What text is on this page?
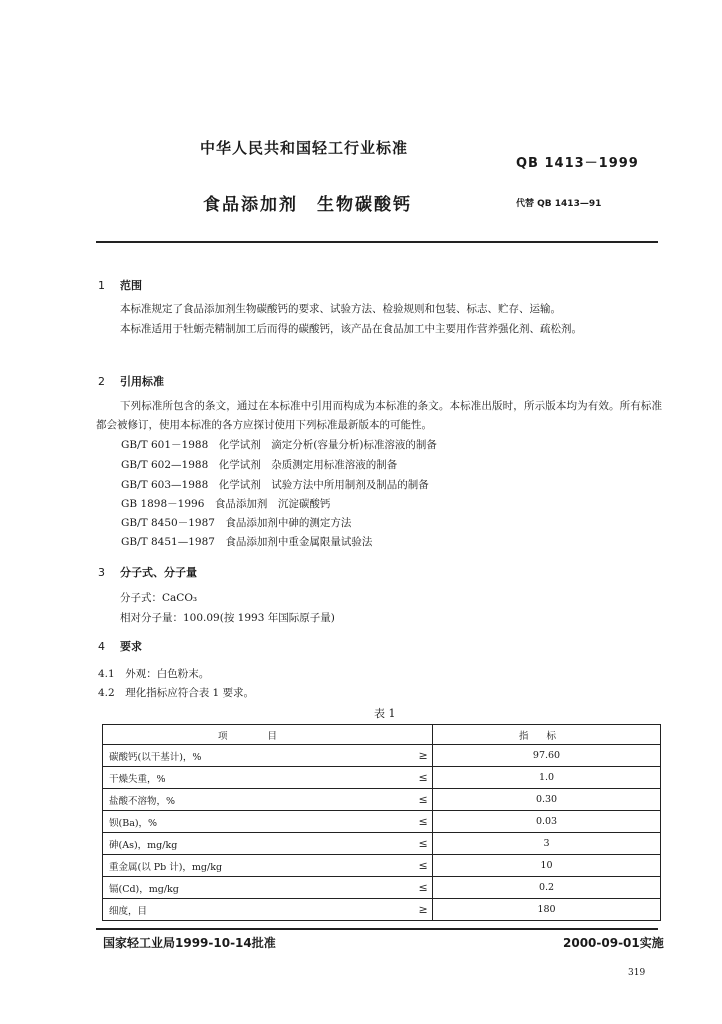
中华人民共和国轻工行业标准
QB 1413－1999
食品添加剂　生物碳酸钙	代替 QB 1413—91
1 范围
本标准规定了食品添加剂生物碳酸钙的要求、试验方法、检验规则和包装、标志、贮存、运输。
本标准适用于牡蛎壳精制加工后而得的碳酸钙，该产品在食品加工中主要用作营养强化剂、疏松剂。
2 引用标准
下列标准所包含的条文，通过在本标准中引用而构成为本标准的条文。本标准出版时，所示版本均为有效。所有标准都会被修订，使用本标准的各方应探讨使用下列标准最新版本的可能性。
GB/T 601－1988　化学试剂　滴定分析(容量分析)标准溶液的制备
GB/T 602—1988　化学试剂　杂质测定用标准溶液的制备
GB/T 603—1988　化学试剂　试验方法中所用制剂及制品的制备
GB 1898－1996　食品添加剂　沉淀碳酸钙
GB/T 8450－1987　食品添加剂中砷的测定方法
GB/T 8451—1987　食品添加剂中重金属限量试验法
3 分子式、分子量
分子式：CaCO₃
相对分子量：100.09(按 1993 年国际原子量)
4 要求
4.1　外观：白色粉末。
4.2　理化指标应符合表 1 要求。
表 1
项目		指标
碳酸钙(以干基计)，%	≥	97.60
干燥失重，%	≤	1.0
盐酸不溶物，%	≤	0.30
钡(Ba)，%	≤	0.03
砷(As)，mg/kg	≤	3
重金属(以 Pb 计)，mg/kg	≤	10
镉(Cd)，mg/kg	≤	0.2
细度，目	≥	180
国家轻工业局1999-10-14批准	2000-09-01实施
319
